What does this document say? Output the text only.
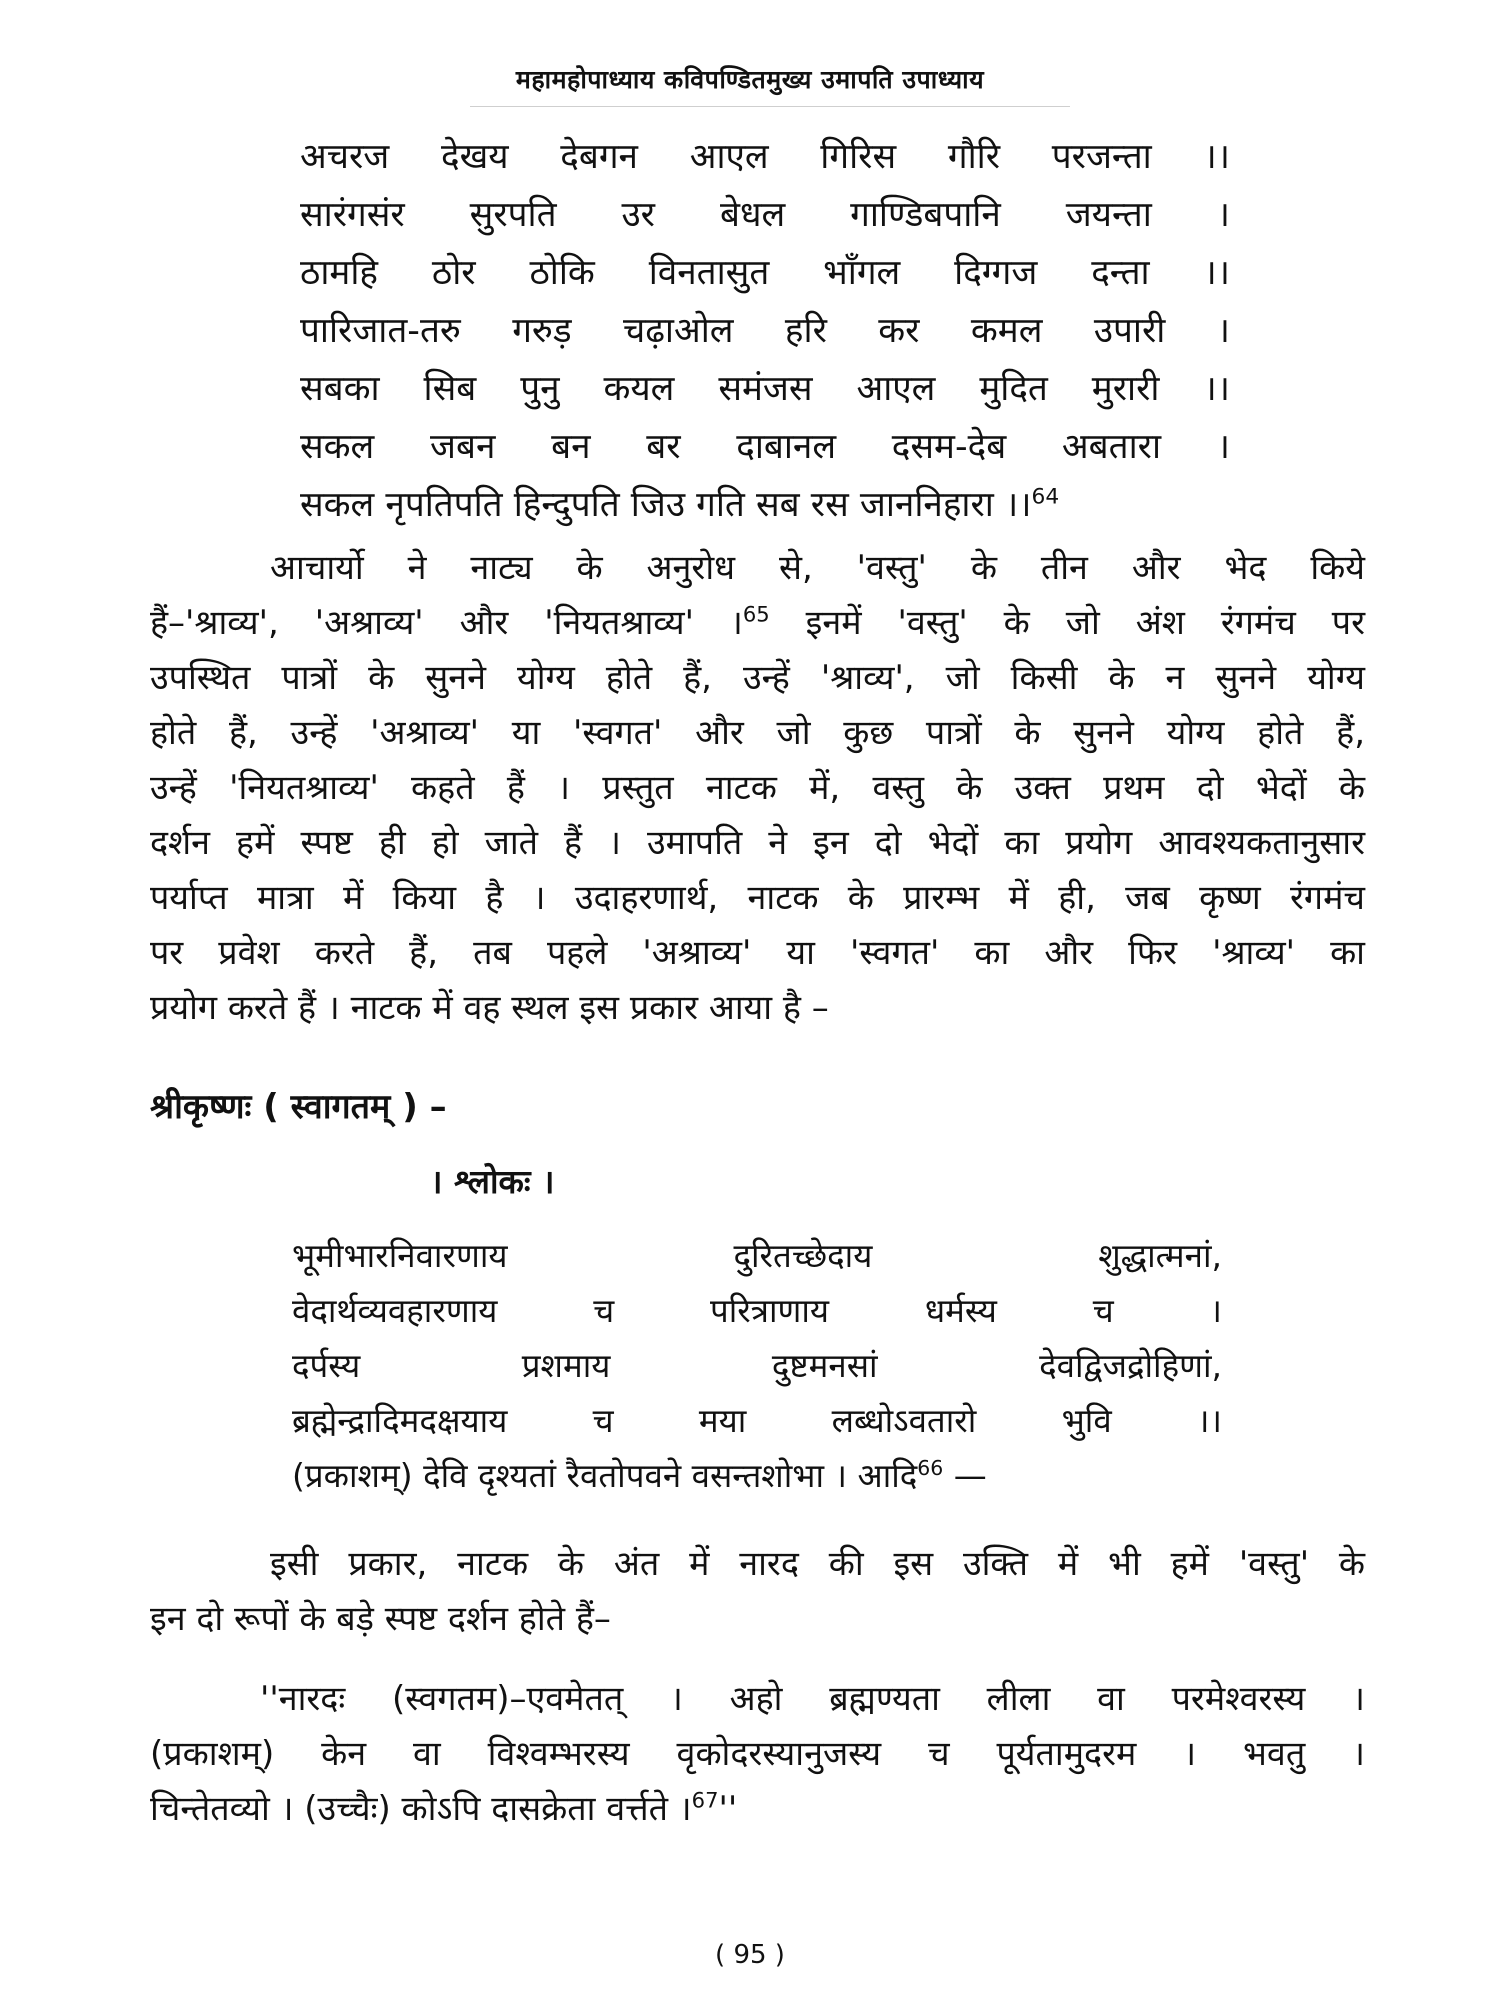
महामहोपाध्याय कविपण्डितमुख्य उमापति उपाध्याय
अचरज देखय देबगन आएल गिरिस गौरि परजन्ता ।।
सारंगसंर सुरपति उर बेधल गाण्डिबपानि जयन्ता ।
ठामहि ठोर ठोकि विनतासुत भाँगल दिग्गज दन्ता ।।
पारिजात-तरु गरुड़ चढ़ाओल हरि कर कमल उपारी ।
सबका सिब पुनु कयल समंजस आएल मुदित मुरारी ।।
सकल जबन बन बर दाबानल दसम-देब अबतारा ।
सकल नृपतिपति हिन्दुपति जिउ गति सब रस जाननिहारा ।।$^{64}$
आचार्यो ने नाट्य के अनुरोध से, 'वस्तु' के तीन और भेद किये
हैं–'श्राव्य', 'अश्राव्य' और 'नियतश्राव्य' ।$^{65}$ इनमें 'वस्तु' के जो अंश रंगमंच पर
उपस्थित पात्रों के सुनने योग्य होते हैं, उन्हें 'श्राव्य', जो किसी के न सुनने योग्य
होते हैं, उन्हें 'अश्राव्य' या 'स्वगत' और जो कुछ पात्रों के सुनने योग्य होते हैं,
उन्हें 'नियतश्राव्य' कहते हैं । प्रस्तुत नाटक में, वस्तु के उक्त प्रथम दो भेदों के
दर्शन हमें स्पष्ट ही हो जाते हैं । उमापति ने इन दो भेदों का प्रयोग आवश्यकतानुसार
पर्याप्त मात्रा में किया है । उदाहरणार्थ, नाटक के प्रारम्भ में ही, जब कृष्ण रंगमंच
पर प्रवेश करते हैं, तब पहले 'अश्राव्य' या 'स्वगत' का और फिर 'श्राव्य' का
प्रयोग करते हैं । नाटक में वह स्थल इस प्रकार आया है –
श्रीकृष्णः ( स्वागतम् ) –
। श्लोकः ।
भूमीभारनिवारणाय दुरितच्छेदाय शुद्धात्मनां,
वेदार्थव्यवहारणाय च परित्राणाय धर्मस्य च ।
दर्पस्य प्रशमाय दुष्टमनसां देवद्विजद्रोहिणां,
ब्रह्मेन्द्रादिमदक्षयाय च मया लब्धोऽवतारो भुवि ।।
(प्रकाशम्) देवि दृश्यतां रैवतोपवने वसन्तशोभा । आदि$^{66}$ —
इसी प्रकार, नाटक के अंत में नारद की इस उक्ति में भी हमें 'वस्तु' के
इन दो रूपों के बड़े स्पष्ट दर्शन होते हैं–
''नारदः (स्वगतम)–एवमेतत् । अहो ब्रह्मण्यता लीला वा परमेश्वरस्य ।
(प्रकाशम्) केन वा विश्वम्भरस्य वृकोदरस्यानुजस्य च पूर्यतामुदरम । भवतु ।
चिन्तेतव्यो । (उच्चैः) कोऽपि दासक्रेता वर्त्तते ।$^{67}$''
( 95 )
